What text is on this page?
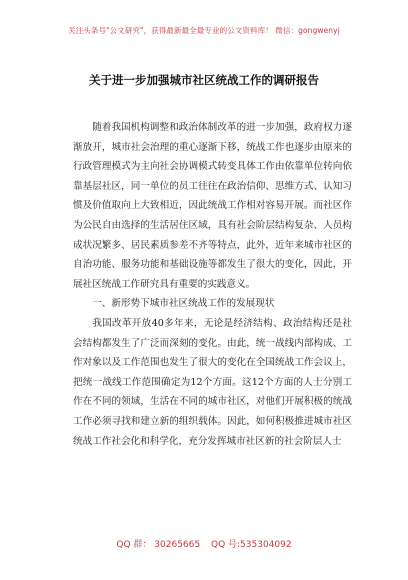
关注头条号"公文研究"，获得最新最全最专业的公文资料库！ 微信：gongwenyj
关于进一步加强城市社区统战工作的调研报告

随着我国机构调整和政治体制改革的进一步加强，政府权力逐渐放开，城市社会治理的重心逐渐下移，统战工作也逐步由原来的行政管理模式为主向社会协调模式转变具体工作由依靠单位转向依靠基层社区，同一单位的员工往往在政治信仰、思维方式、认知习惯及价值取向上大致相近，因此统战工作相对容易开展。而社区作为公民自由选择的生活居住区域，具有社会阶层结构复杂、人员构成状况繁多、居民素质参差不齐等特点，此外，近年来城市社区的自治功能、服务功能和基础设施等都发生了很大的变化，因此，开展社区统战工作研究具有重要的实践意义。

一、新形势下城市社区统战工作的发展现状

我国改革开放40多年来，无论是经济结构、政治结构还是社会结构都发生了广泛而深刻的变化。由此，统一战线内部构成、工作对象以及工作范围也发生了很大的变化在全国统战工作会议上，把统一战线工作范围确定为12个方面。这12个方面的人士分别工作在不同的领域，生活在不同的城市社区，对他们开展积极的统战工作必须寻找和建立新的组织载体。因此，如何积极推进城市社区统战工作社会化和科学化，充分发挥城市社区新的社会阶层人士

QQ 群： 30265665 QQ 号:535304092
